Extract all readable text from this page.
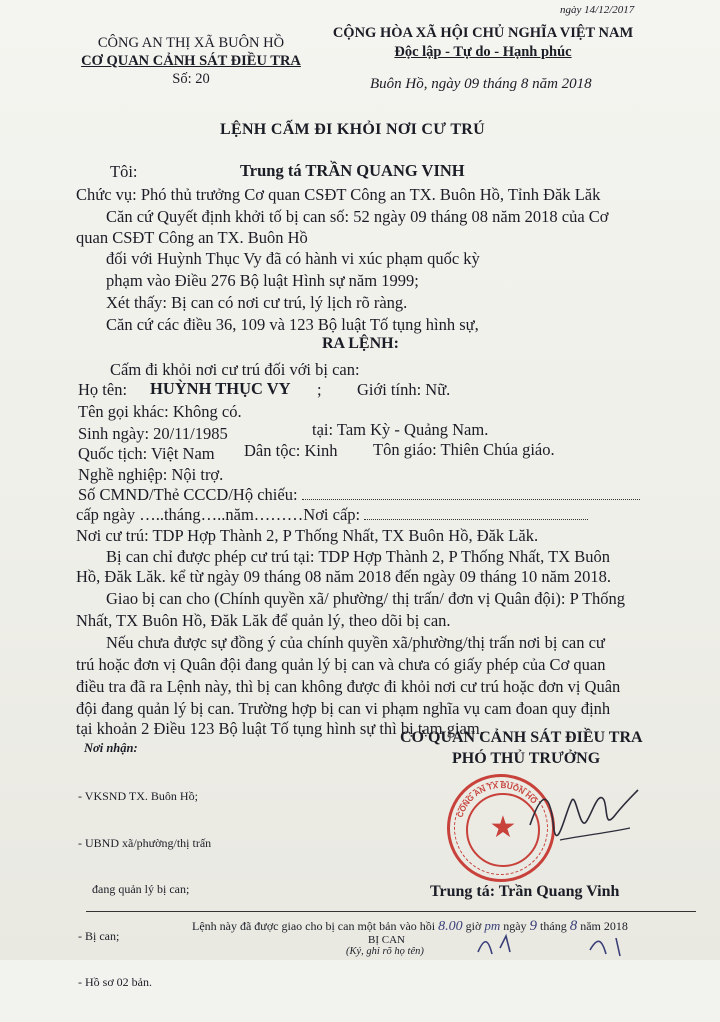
ngày 14/12/2017
CÔNG AN THỊ XÃ BUÔN HỒ
CƠ QUAN CẢNH SÁT ĐIỀU TRA
Số: 20
CỘNG HÒA XÃ HỘI CHỦ NGHĨA VIỆT NAM
Độc lập - Tự do - Hạnh phúc
Buôn Hồ, ngày 09 tháng 8 năm 2018
LỆNH CẤM ĐI KHỎI NƠI CƯ TRÚ
Tôi:	Trung tá TRẦN QUANG VINH
Chức vụ: Phó thủ trưởng Cơ quan CSĐT Công an TX. Buôn Hồ, Tỉnh Đăk Lăk
Căn cứ Quyết định khởi tố bị can số: 52 ngày 09 tháng 08 năm 2018 của Cơ
quan CSĐT Công an TX. Buôn Hồ
đối với Huỳnh Thục Vy đã có hành vi xúc phạm quốc kỳ
phạm vào Điều 276 Bộ luật Hình sự năm 1999;
Xét thấy: Bị can có nơi cư trú, lý lịch rõ ràng.
Căn cứ các điều 36, 109 và 123 Bộ luật Tố tụng hình sự,
RA LỆNH:
Cấm đi khỏi nơi cư trú đối với bị can:
Họ tên: HUỲNH THỤC VY ; Giới tính: Nữ.
Tên gọi khác: Không có.
Sinh ngày: 20/11/1985	tại: Tam Kỳ - Quảng Nam.
Quốc tịch: Việt Nam Dân tộc: Kinh Tôn giáo: Thiên Chúa giáo.
Nghề nghiệp: Nội trợ.
Số CMND/Thẻ CCCD/Hộ chiếu:
cấp ngày …..tháng…..năm………Nơi cấp:
Nơi cư trú: TDP Hợp Thành 2, P Thống Nhất, TX Buôn Hồ, Đăk Lăk.
Bị can chỉ được phép cư trú tại: TDP Hợp Thành 2, P Thống Nhất, TX Buôn
Hồ, Đăk Lăk. kể từ ngày 09 tháng 08 năm 2018 đến ngày 09 tháng 10 năm 2018.
Giao bị can cho (Chính quyền xã/ phường/ thị trấn/ đơn vị Quân đội): P Thống
Nhất, TX Buôn Hồ, Đăk Lăk để quản lý, theo dõi bị can.
Nếu chưa được sự đồng ý của chính quyền xã/phường/thị trấn nơi bị can cư
trú hoặc đơn vị Quân đội đang quản lý bị can và chưa có giấy phép của Cơ quan
điều tra đã ra Lệnh này, thì bị can không được đi khỏi nơi cư trú hoặc đơn vị Quân
đội đang quản lý bị can. Trường hợp bị can vi phạm nghĩa vụ cam đoan quy định
tại khoản 2 Điều 123 Bộ luật Tố tụng hình sự thì bị tạm giam.
Nơi nhận:

- VKSND TX. Buôn Hồ;

- UBND xã/phường/thị trấn

đang quản lý bị can;

- Bị can;

- Hồ sơ 02 bản.

CƠ QUAN CẢNH SÁT ĐIỀU TRA
PHÓ THỦ TRƯỞNG
★
CÔNG AN TX BUÔN HỒ
Trung tá: Trần Quang Vinh
Lệnh này đã được giao cho bị can một bản vào hồi 8.00 giờ pm ngày 9 tháng 8 năm 2018
BỊ CAN
(Ký, ghi rõ họ tên)
